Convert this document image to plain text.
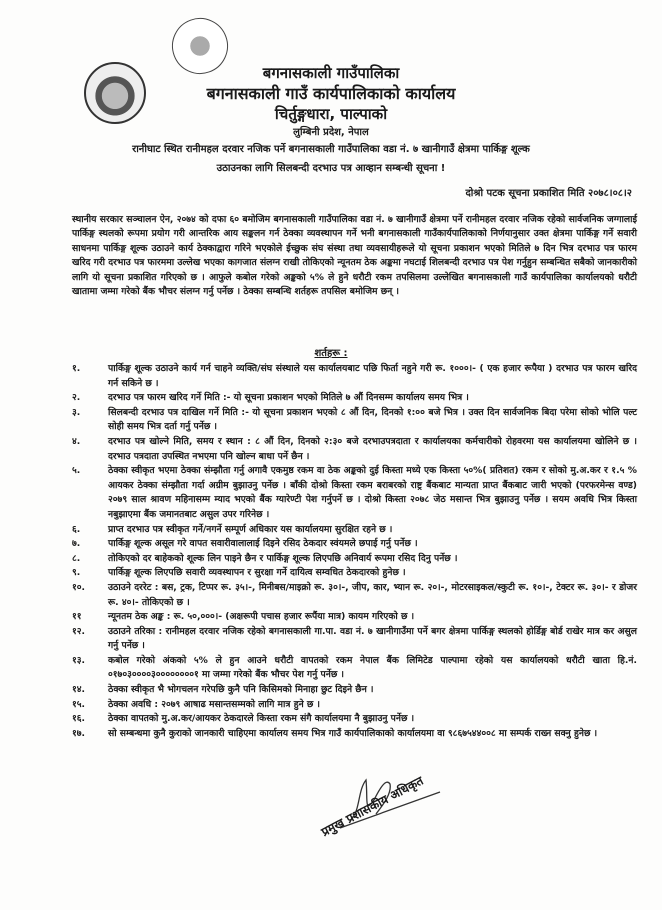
बगनासकाली गाउँपालिका
बगनासकाली गाउँ कार्यपालिकाको कार्यालय
चिर्तुङ्गधारा, पाल्पाको
लुम्बिनी प्रदेश, नेपाल
रानीघाट स्थित रानीमहल दरवार नजिक पर्ने बगनासकाली गाउँपालिका वडा नं. ७ खानीगाउँ क्षेत्रमा पार्किङ्ग शूल्क
उठाउनका लागि सिलबन्दी दरभाउ पत्र आव्हान सम्बन्धी सूचना !
दोश्रो पटक सूचना प्रकाशित मिति २०७८।०८।२
स्थानीय सरकार सञ्चालन ऐन, २०७४ को दफा ६० बमोजिम बगनासकाली गाउँपालिका वडा नं. ७ खानीगाउँ क्षेत्रमा पर्ने रानीमहल दरवार नजिक रहेको सार्वजनिक जग्गालाई पार्किङ्ग स्थलको रूपमा प्रयोग गरी आन्तरिक आय सङ्कलन गर्न ठेक्का व्यवस्थापन गर्ने भनी बगनासकाली गाउँकार्यपालिकाको निर्णयानुसार उक्त क्षेत्रमा पार्किङ्ग गर्ने सवारी साधनमा पार्किङ्ग शूल्क उठाउने कार्य ठेक्काद्वारा गरिने भएकोले ईच्छुक संघ संस्था तथा व्यवसायीहरूले यो सूचना प्रकाशन भएको मितिले ७ दिन भित्र दरभाउ पत्र फारम खरिद गरी दरभाउ पत्र फारममा उल्लेख भएका कागजात संलग्न राखी तोकिएको न्यूनतम ठेक अङ्कमा नघटाई शिलबन्दी दरभाउ पत्र पेश गर्नुहुन सम्बन्धित सबैको जानकारीको लागि यो सूचना प्रकाशित गरिएको छ । आफुले कबोल गरेको अङ्कको ५% ले हुने धरौटी रकम तपसिलमा उल्लेखित बगनासकाली गाउँ कार्यपालिका कार्यालयको धरौटी खातामा जम्मा गरेको बैंक भौचर संलग्न गर्नु पर्नेछ । ठेक्का सम्बन्धि शर्तहरू तपसिल बमोजिम छन् ।
शर्तहरू :
१.	पार्किङ्ग शूल्क उठाउने कार्य गर्न चाहने व्यक्ति/संघ संस्थाले यस कार्यालयबाट पछि फिर्ता नहुने गरी रू. १०००।- ( एक हजार रूपैया ) दरभाउ पत्र फारम खरिद गर्न सकिने छ ।
२.	दरभाउ पत्र फारम खरिद गर्ने मिति :- यो सूचना प्रकाशन भएको मितिले ७ औं दिनसम्म कार्यालय समय भित्र ।
३.	सिलबन्दी दरभाउ पत्र दाखिल गर्ने मिति :- यो सूचना प्रकाशन भएको ८ औं दिन, दिनको १:०० बजे भित्र । उक्त दिन सार्वजनिक बिदा परेमा सोको भोलि पल्ट सोही समय भित्र दर्ता गर्नु पर्नेछ ।
४.	दरभाउ पत्र खोल्ने मिति, समय र स्थान : ८ औं दिन, दिनको २:३० बजे दरभाउपत्रदाता र कार्यालयका कर्मचारीको रोहवरमा यस कार्यालयमा खोलिने छ । दरभाउ पत्रदाता उपस्थित नभएमा पनि खोल्न बाधा पर्ने छैन ।
५.	ठेक्का स्वीकृत भएमा ठेक्का संम्झौता गर्नु अगावै एकमुष्ठ रकम वा ठेक अङ्कको दुई किस्ता मध्ये एक किस्ता ५०%( प्रतिशत) रकम र सोको मु.अ.कर र १.५ % आयकर ठेक्का संम्झौता गर्दा अग्रीम बुझाउनु पर्नेछ । बाँकी दोश्रो किस्ता रकम बराबरको राष्ट्र बैंकबाट मान्यता प्राप्त बैंकबाट जारी भएको (परफरमेन्स वण्ड) २०७९ साल श्रावण महिनासम्म म्याद भएको बैंक ग्यारेण्टी पेश गर्नुपर्ने छ । दोश्रो किस्ता २०७८ जेठ मसान्त भित्र बुझाउनु पर्नेछ । सयम अवधि भित्र किस्ता नबुझाएमा बैंक जमानतबाट असुल उपर गरिनेछ ।
६.	प्राप्त दरभाउ पत्र स्वीकृत गर्ने/नगर्ने सम्पूर्ण अधिकार यस कार्यालयमा सुरक्षित रहने छ ।
७.	पार्किङ्ग शूल्क असूल गरे वापत सवारीवालालाई दिइने रसिद ठेकदार स्वंयमले छपाई गर्नु पर्नेछ ।
८.	तोकिएको दर बाहेकको शूल्क लिन पाइने छैन र पार्किङ्ग शूल्क लिएपछि अनिवार्य रूपमा रसिद दिनु पर्नेछ ।
९.	पार्किङ्ग शूल्क लिएपछि सवारी व्यवस्थापन र सुरक्षा गर्ने दायित्व सम्वधित ठेकदारको हुनेछ ।
१०.	उठाउने दररेट : बस, ट्रक, टिप्पर रू. ३५।-, मिनीबस/माइक्रो रू. ३०।-, जीप, कार, भ्यान रू. २०।-, मोटरसाइकल/स्कुटी रू. १०।-, टेक्टर रू. ३०।- र डोजर रू. ४०।- तोकिएको छ ।
११	न्यूनतम ठेक अङ्क : रू. ५०,०००।- (अक्षरूपी पचास हजार रूपैंया मात्र) कायम गरिएको छ ।
१२.	उठाउने तरिका : रानीमहल दरवार नजिक रहेको बगनासकाली गा.पा. वडा नं. ७ खानीगाउँमा पर्ने बगर क्षेत्रमा पार्किङ्ग स्थलको होर्डिङ्ग बोर्ड राखेर मात्र कर असुल गर्नु पर्नेछ ।
१३.	कबोल गरेको अंकको ५% ले हुन आउने धरौटी वापतको रकम नेपाल बैंक लिमिटेड पाल्पामा रहेको यस कार्यालयको धरौटी खाता हि.नं. ०१७०३००००३००००००००१ मा जम्मा गरेको बैंक भौचर पेश गर्नु पर्नेछ ।
१४.	ठेक्का स्वीकृत भै भोगचलन गरेपछि कुनै पनि किसिमको मिनाहा छुट दिइने छैन ।
१५.	ठेक्का अवधि : २०७९ आषाढ मसान्तसम्मको लागि मात्र हुने छ ।
१६.	ठेक्का वापतको मु.अ.कर/आयकर ठेकदारले किस्ता रकम संगै कार्यालयमा नै बुझाउनु पर्नेछ ।
१७.	सो सम्बन्धमा कुनै कुराको जानकारी चाहिएमा कार्यालय समय भित्र गाउँ कार्यपालिकाको कार्यालयमा वा ९८६७५४४००८ मा सम्पर्क राख्न सक्नु हुनेछ ।
प्रमुख प्रशासकीय अधिकृत
